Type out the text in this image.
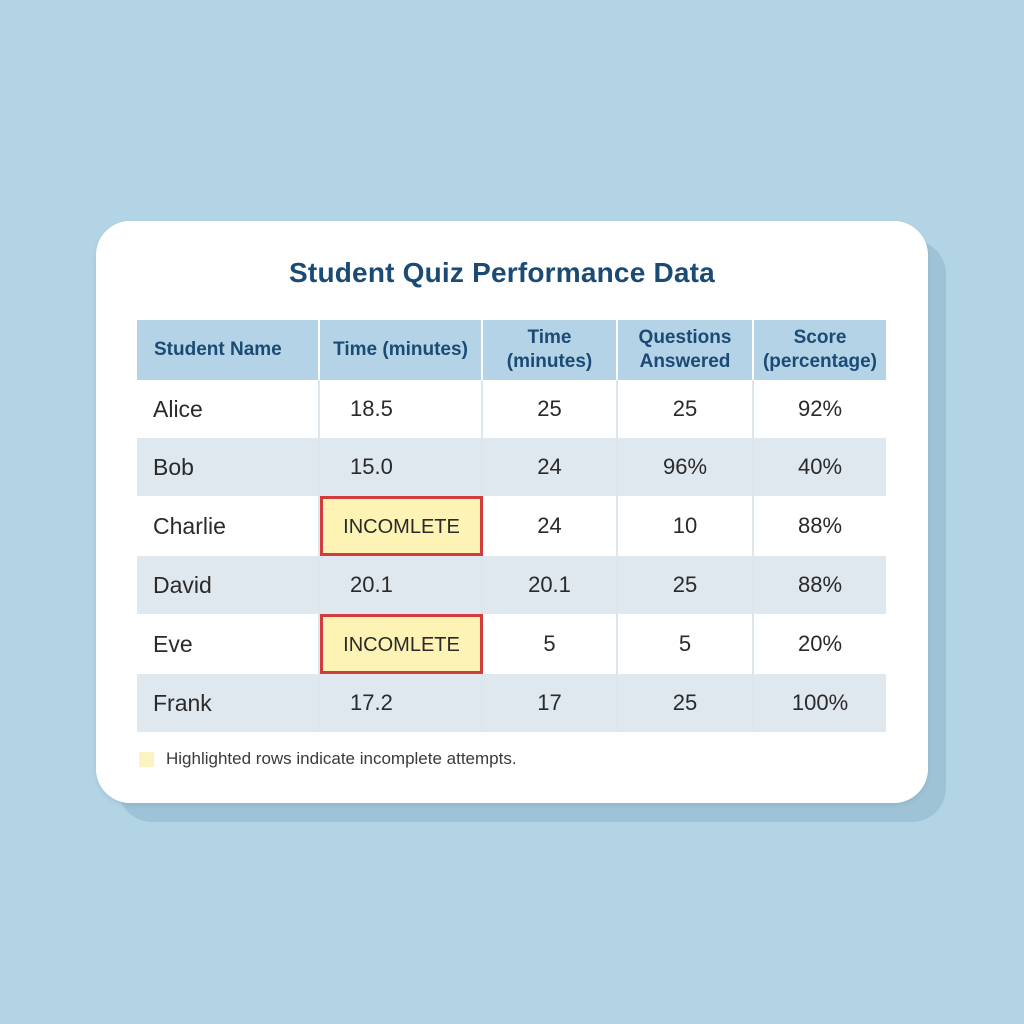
Student Quiz Performance Data
Student Name	Time (minutes)	Time (minutes)	Questions Answered	Score (percentage)
Alice	18.5	25	25	92%
Bob	15.0	24	96%	40%
Charlie	INCOMLETE	24	10	88%
David	20.1	20.1	25	88%
Eve	INCOMLETE	5	5	20%
Frank	17.2	17	25	100%
Highlighted rows indicate incomplete attempts.
